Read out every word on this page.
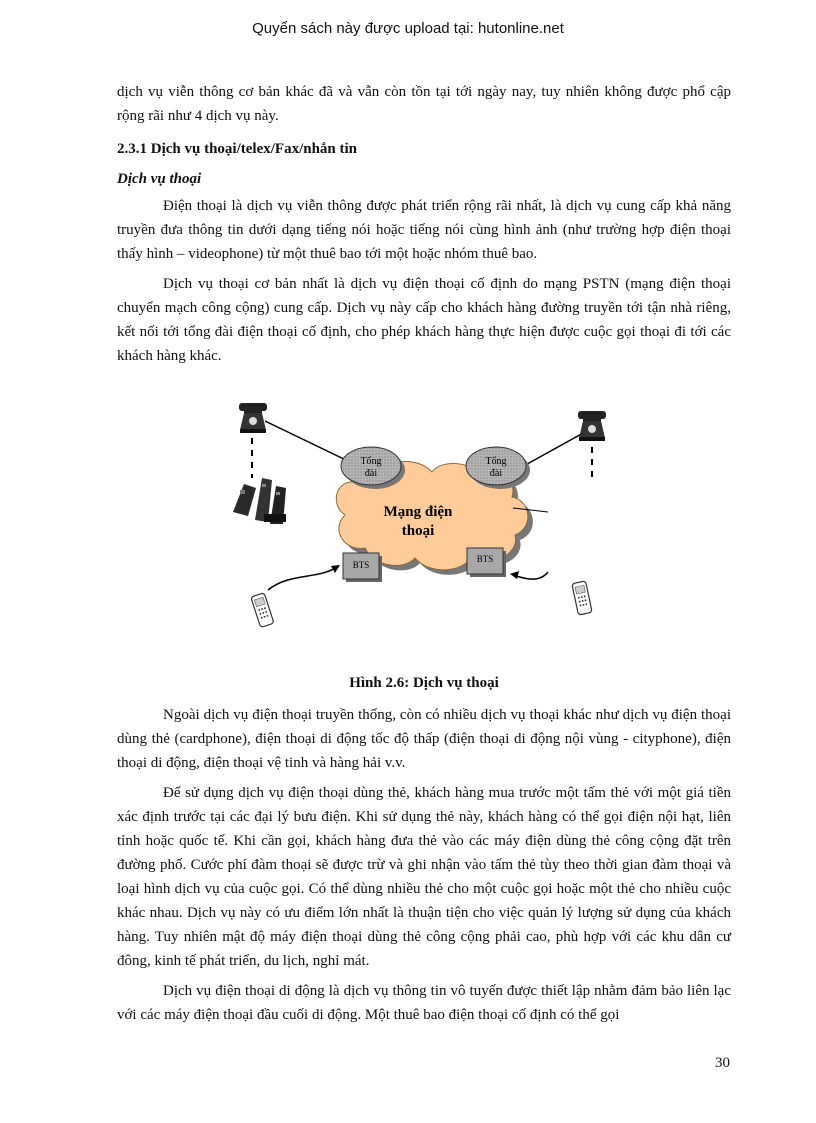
Quyển sách này được upload tại: hutonline.net

dịch vụ viễn thông cơ bản khác đã và vẫn còn tồn tại tới ngày nay, tuy nhiên không được phổ cập rộng rãi như 4 dịch vụ này.

2.3.1 Dịch vụ thoại/telex/Fax/nhắn tin

Dịch vụ thoại

Điện thoại là dịch vụ viễn thông được phát triển rộng rãi nhất, là dịch vụ cung cấp khả năng truyền đưa thông tin dưới dạng tiếng nói hoặc tiếng nói cùng hình ảnh (như trường hợp điện thoại thấy hình – videophone) từ một thuê bao tới một hoặc nhóm thuê bao.

Dịch vụ thoại cơ bản nhất là dịch vụ điện thoại cố định do mạng PSTN (mạng điện thoại chuyển mạch công cộng) cung cấp. Dịch vụ này cấp cho khách hàng đường truyền tới tận nhà riêng, kết nối tới tổng đài điện thoại cố định, cho phép khách hàng thực hiện được cuộc gọi thoại đi tới các khách hàng khác.

Mạng điện
thoại
Tổng
đài
Tổng
đài
BTS
BTS
Hình 2.6: Dịch vụ thoại

Ngoài dịch vụ điện thoại truyền thống, còn có nhiều dịch vụ thoại khác như dịch vụ điện thoại dùng thẻ (cardphone), điện thoại di động tốc độ thấp (điện thoại di động nội vùng - cityphone), điện thoại di động, điện thoại vệ tinh và hàng hải v.v.

Để sử dụng dịch vụ điện thoại dùng thẻ, khách hàng mua trước một tấm thẻ với một giá tiền xác định trước tại các đại lý bưu điện. Khi sử dụng thẻ này, khách hàng có thể gọi điện nội hạt, liên tỉnh hoặc quốc tế. Khi cần gọi, khách hàng đưa thẻ vào các máy điện dùng thẻ công cộng đặt trên đường phố. Cước phí đàm thoại sẽ được trừ và ghi nhận vào tấm thẻ tùy theo thời gian đàm thoại và loại hình dịch vụ của cuộc gọi. Có thể dùng nhiều thẻ cho một cuộc gọi hoặc một thẻ cho nhiều cuộc khác nhau. Dịch vụ này có ưu điểm lớn nhất là thuận tiện cho việc quản lý lượng sử dụng của khách hàng. Tuy nhiên mật độ máy điện thoại dùng thẻ công cộng phải cao, phù hợp với các khu dân cư đông, kinh tế phát triển, du lịch, nghỉ mát.

Dịch vụ điện thoại di động là dịch vụ thông tin vô tuyến được thiết lập nhằm đảm bảo liên lạc với các máy điện thoại đầu cuối di động. Một thuê bao điện thoại cố định có thể gọi

30
